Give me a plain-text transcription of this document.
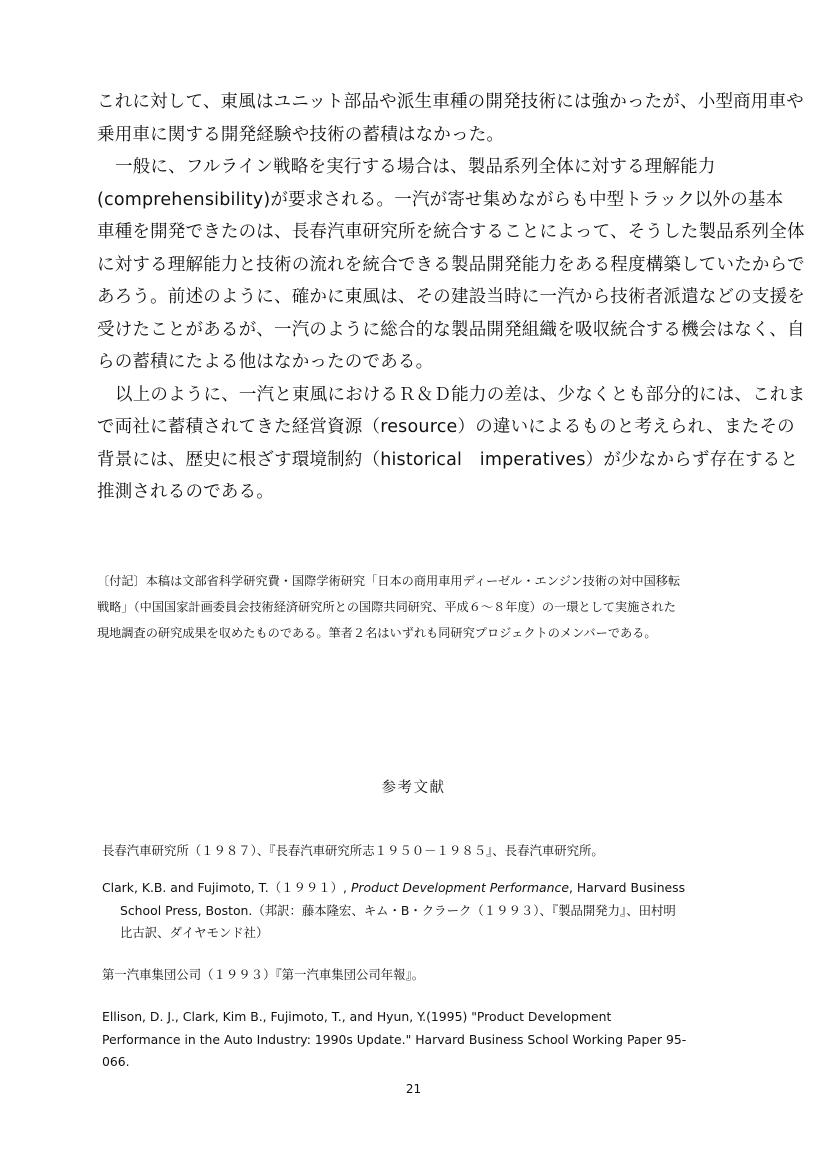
これに対して、東風はユニット部品や派生車種の開発技術には強かったが、小型商用車や
乗用車に関する開発経験や技術の蓄積はなかった。
一般に、フルライン戦略を実行する場合は、製品系列全体に対する理解能力
(comprehensibility)が要求される。一汽が寄せ集めながらも中型トラック以外の基本
車種を開発できたのは、長春汽車研究所を統合することによって、そうした製品系列全体
に対する理解能力と技術の流れを統合できる製品開発能力をある程度構築していたからで
あろう。前述のように、確かに東風は、その建設当時に一汽から技術者派遣などの支援を
受けたことがあるが、一汽のように総合的な製品開発組織を吸収統合する機会はなく、自
らの蓄積にたよる他はなかったのである。
以上のように、一汽と東風におけるＲ＆Ｄ能力の差は、少なくとも部分的には、これま
で両社に蓄積されてきた経営資源（resource）の違いによるものと考えられ、またその
背景には、歴史に根ざす環境制約（historical　imperatives）が少なからず存在すると
推測されるのである。
〔付記〕本稿は文部省科学研究費・国際学術研究「日本の商用車用ディーゼル・エンジン技術の対中国移転
戦略」（中国国家計画委員会技術経済研究所との国際共同研究、平成６～８年度）の一環として実施された
現地調査の研究成果を収めたものである。筆者２名はいずれも同研究プロジェクトのメンバーである。
参考文献
長春汽車研究所（１９８７）、『長春汽車研究所志１９５０－１９８５』、長春汽車研究所。
Clark, K.B. and Fujimoto, T.（１９９１）, Product Development Performance, Harvard Business
School Press, Boston.（邦訳：藤本隆宏、キム・B・クラーク（１９９３）、『製品開発力』、田村明
比古訳、ダイヤモンド社）
第一汽車集団公司（１９９３）『第一汽車集団公司年報』。
Ellison, D. J., Clark, Kim B., Fujimoto, T., and Hyun, Y.(1995) "Product Development
Performance in the Auto Industry: 1990s Update." Harvard Business School Working Paper 95-
066.
21
